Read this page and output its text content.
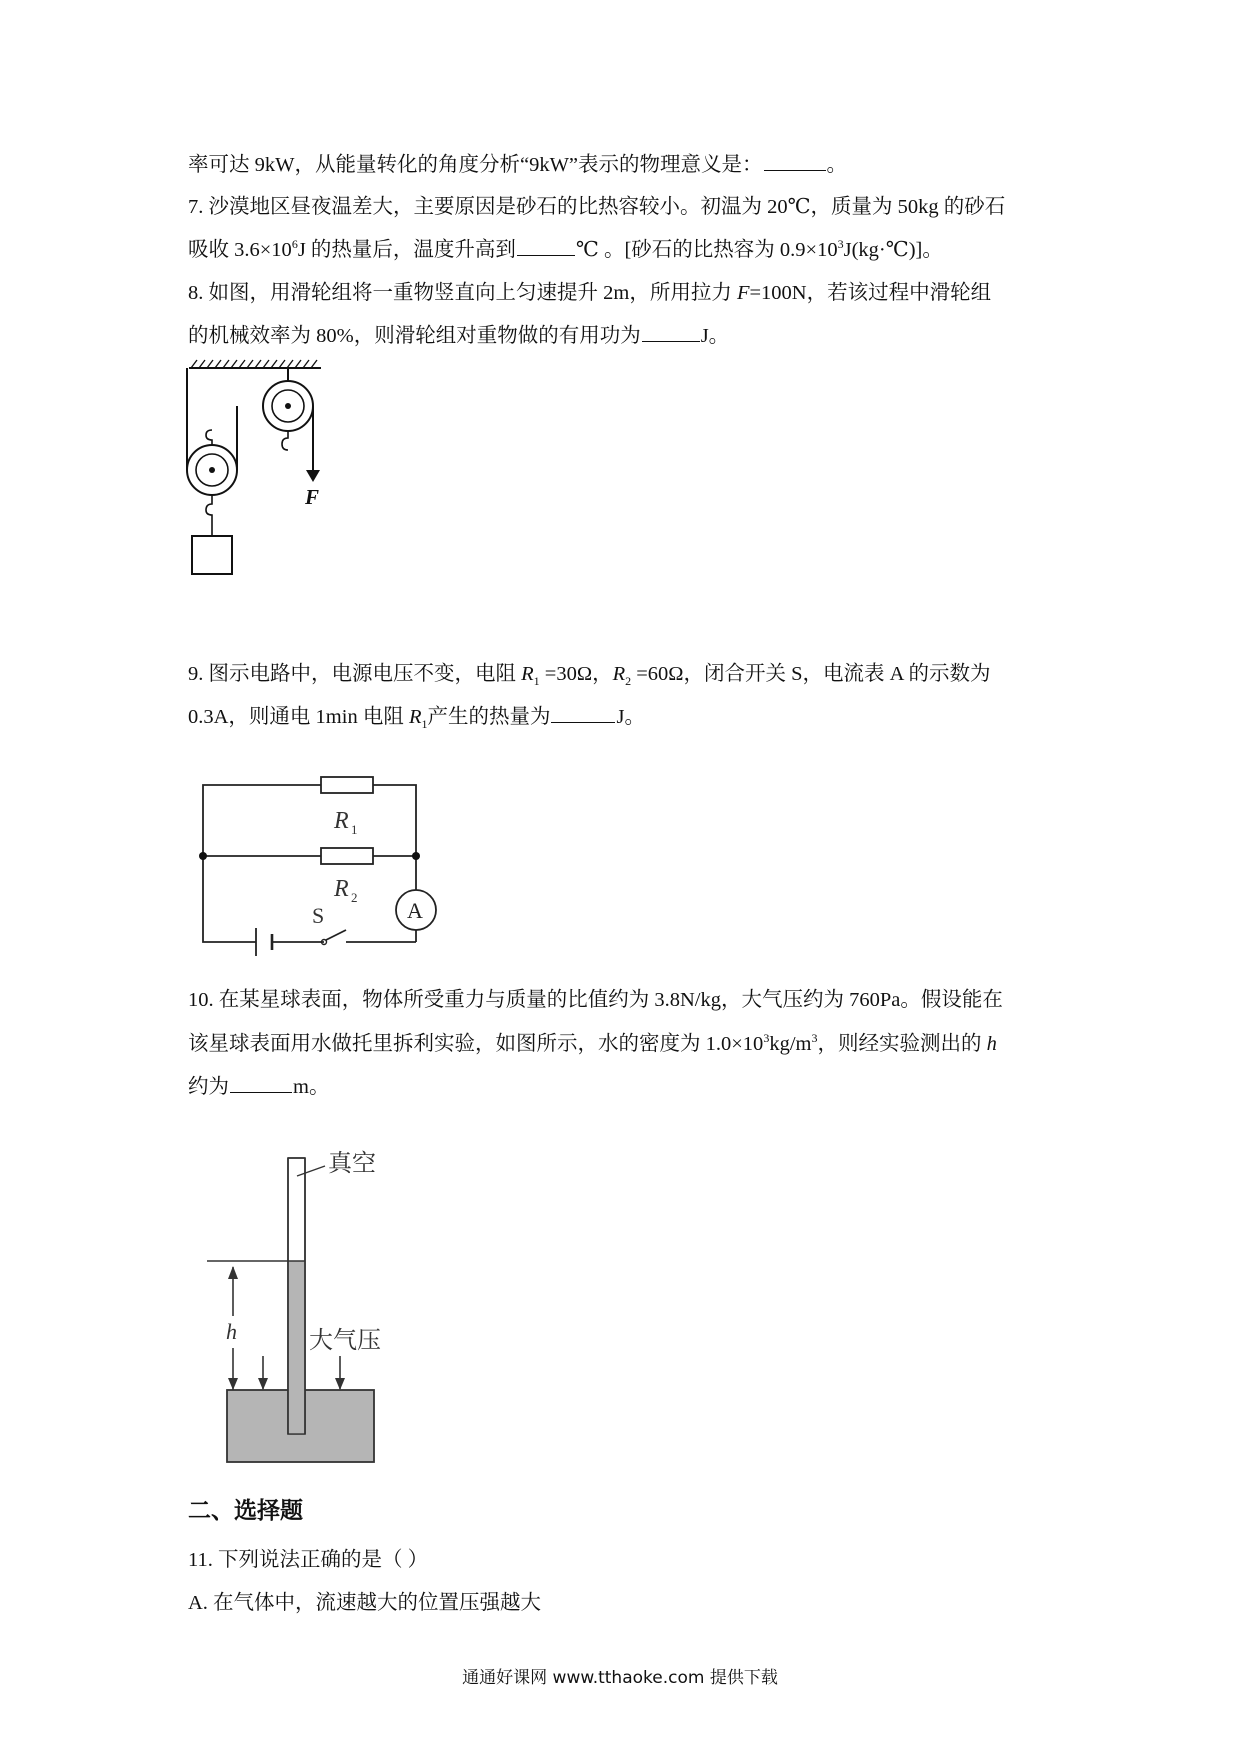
率可达 9kW，从能量转化的角度分析“9kW”表示的物理意义是：	。
7. 沙漠地区昼夜温差大，主要原因是砂石的比热容较小。初温为 20℃，质量为 50kg 的砂石
吸收 $3.6\times 10^6J$ 的热量后，温度升高到	℃ 。[砂石的比热容为 $0.9\times 10^3J(kg\cdot℃)$]。
8. 如图，用滑轮组将一重物竖直向上匀速提升 2m，所用拉力 F=100N，若该过程中滑轮组
的机械效率为 80%，则滑轮组对重物做的有用功为	J。
F
9. 图示电路中，电源电压不变，电阻 $R_1 =30\Omega$，$R_2 =60\Omega$，闭合开关 S，电流表 A 的示数为
0.3A，则通电 1min 电阻 $R_1$产生的热量为	J。
R 1
R 2
S	A
10. 在某星球表面，物体所受重力与质量的比值约为 3.8N/kg，大气压约为 760Pa。假设能在
该星球表面用水做托里拆利实验，如图所示，水的密度为 $1.0\times 10^3kg/m^3$，则经实验测出的 h
约为	m。
h
真空
大气压
二、选择题
11. 下列说法正确的是（ ）
A. 在气体中，流速越大的位置压强越大
通通好课网 www.tthaoke.com 提供下载
